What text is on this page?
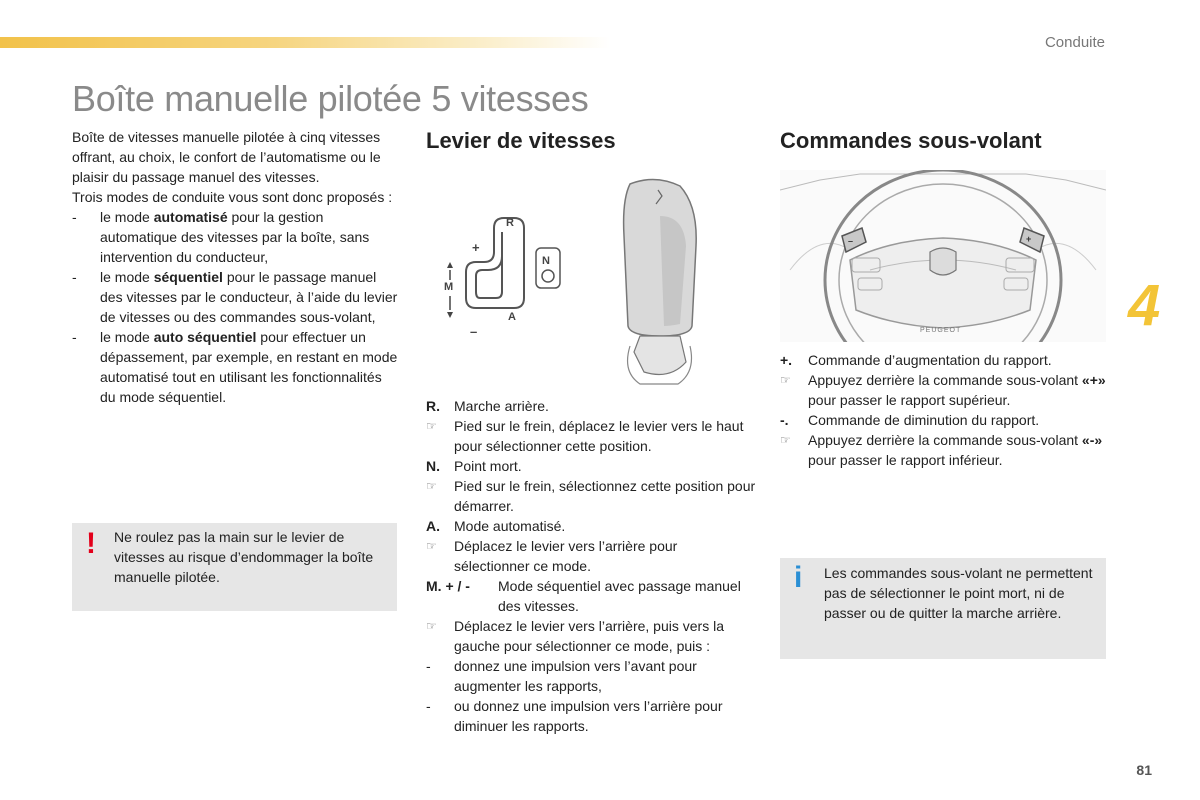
Conduite
Boîte manuelle pilotée 5 vitesses

Boîte de vitesses manuelle pilotée à cinq vitesses offrant, au choix, le confort de l’automatisme ou le plaisir du passage manuel des vitesses.

Trois modes de conduite vous sont donc proposés :

- le mode automatisé pour la gestion automatique des vitesses par la boîte, sans intervention du conducteur,
- le mode séquentiel pour le passage manuel des vitesses par le conducteur, à l’aide du levier de vitesses ou des commandes sous-volant,
- le mode auto séquentiel pour effectuer un dépassement, par exemple, en restant en mode automatisé tout en utilisant les fonctionnalités du mode séquentiel.
! Ne roulez pas la main sur le levier de vitesses au risque d’endommager la boîte manuelle pilotée.
Levier de vitesses
R
+
M
–
A
N
R. Marche arrière.
☞ Pied sur le frein, déplacez le levier vers le haut pour sélectionner cette position.
N. Point mort.
☞ Pied sur le frein, sélectionnez cette position pour démarrer.
A. Mode automatisé.
☞ Déplacez le levier vers l’arrière pour sélectionner ce mode.
M. + / - Mode séquentiel avec passage manuel des vitesses.
☞ Déplacez le levier vers l’arrière, puis vers la gauche pour sélectionner ce mode, puis :
- donnez une impulsion vers l’avant pour augmenter les rapports,
- ou donnez une impulsion vers l’arrière pour diminuer les rapports.
Commandes sous-volant
PEUGEOT
–	+
+. Commande d’augmentation du rapport.
☞ Appuyez derrière la commande sous-volant «+» pour passer le rapport supérieur.
-. Commande de diminution du rapport.
☞ Appuyez derrière la commande sous-volant «-» pour passer le rapport inférieur.
i Les commandes sous-volant ne permettent pas de sélectionner le point mort, ni de passer ou de quitter la marche arrière.
4
81
